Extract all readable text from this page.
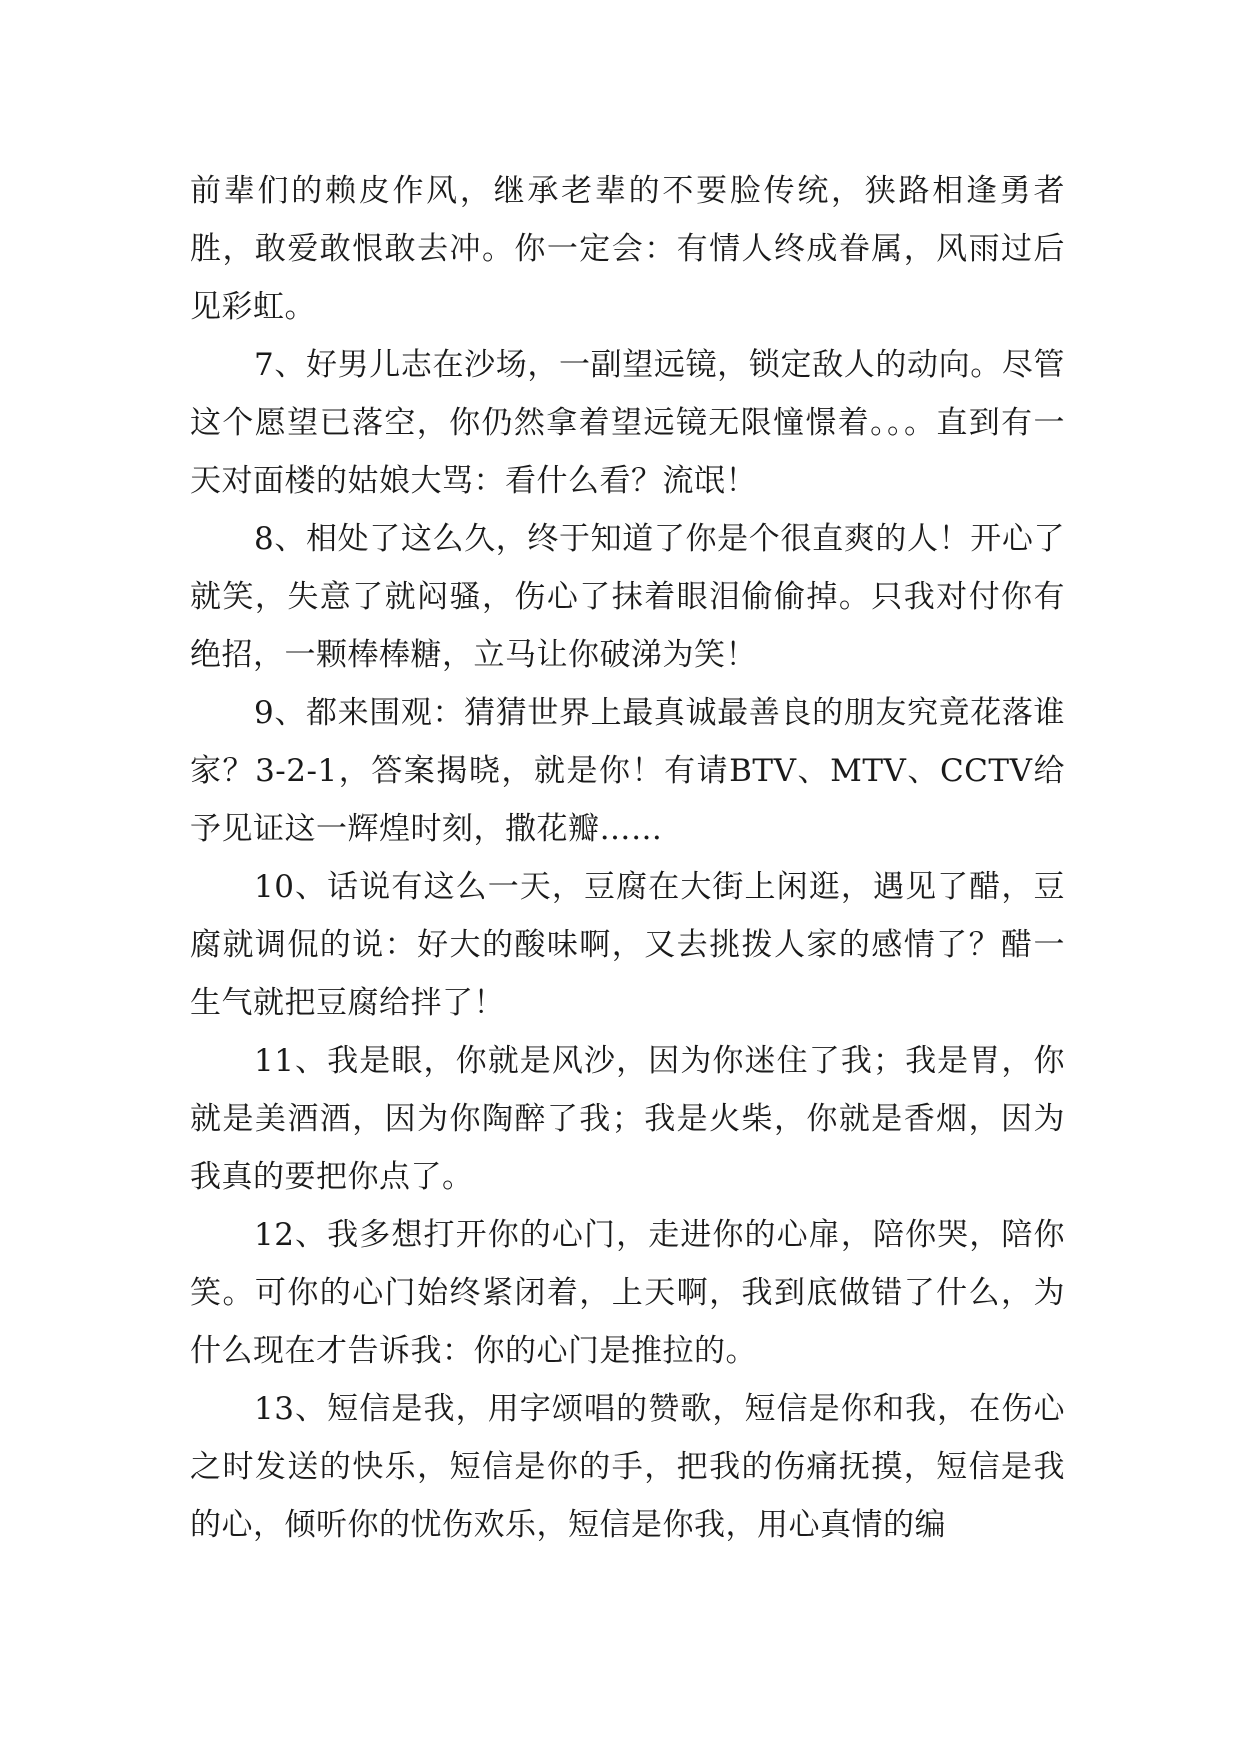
前辈们的赖皮作风，继承老辈的不要脸传统，狭路相逢勇者胜，敢爱敢恨敢去冲。你一定会：有情人终成眷属，风雨过后见彩虹。

7、好男儿志在沙场，一副望远镜，锁定敌人的动向。尽管这个愿望已落空，你仍然拿着望远镜无限憧憬着。。。直到有一天对面楼的姑娘大骂：看什么看？流氓！

8、相处了这么久，终于知道了你是个很直爽的人！开心了就笑，失意了就闷骚，伤心了抹着眼泪偷偷掉。只我对付你有绝招，一颗棒棒糖，立马让你破涕为笑！

9、都来围观：猜猜世界上最真诚最善良的朋友究竟花落谁家？3-2-1，答案揭晓，就是你！有请BTV、MTV、CCTV给予见证这一辉煌时刻，撒花瓣……

10、话说有这么一天，豆腐在大街上闲逛，遇见了醋，豆腐就调侃的说：好大的酸味啊，又去挑拨人家的感情了？醋一生气就把豆腐给拌了！

11、我是眼，你就是风沙，因为你迷住了我；我是胃，你就是美酒酒，因为你陶醉了我；我是火柴，你就是香烟，因为我真的要把你点了。

12、我多想打开你的心门，走进你的心扉，陪你哭，陪你笑。可你的心门始终紧闭着，上天啊，我到底做错了什么，为什么现在才告诉我：你的心门是推拉的。

13、短信是我，用字颂唱的赞歌，短信是你和我，在伤心之时发送的快乐，短信是你的手，把我的伤痛抚摸，短信是我的心，倾听你的忧伤欢乐，短信是你我，用心真情的编
